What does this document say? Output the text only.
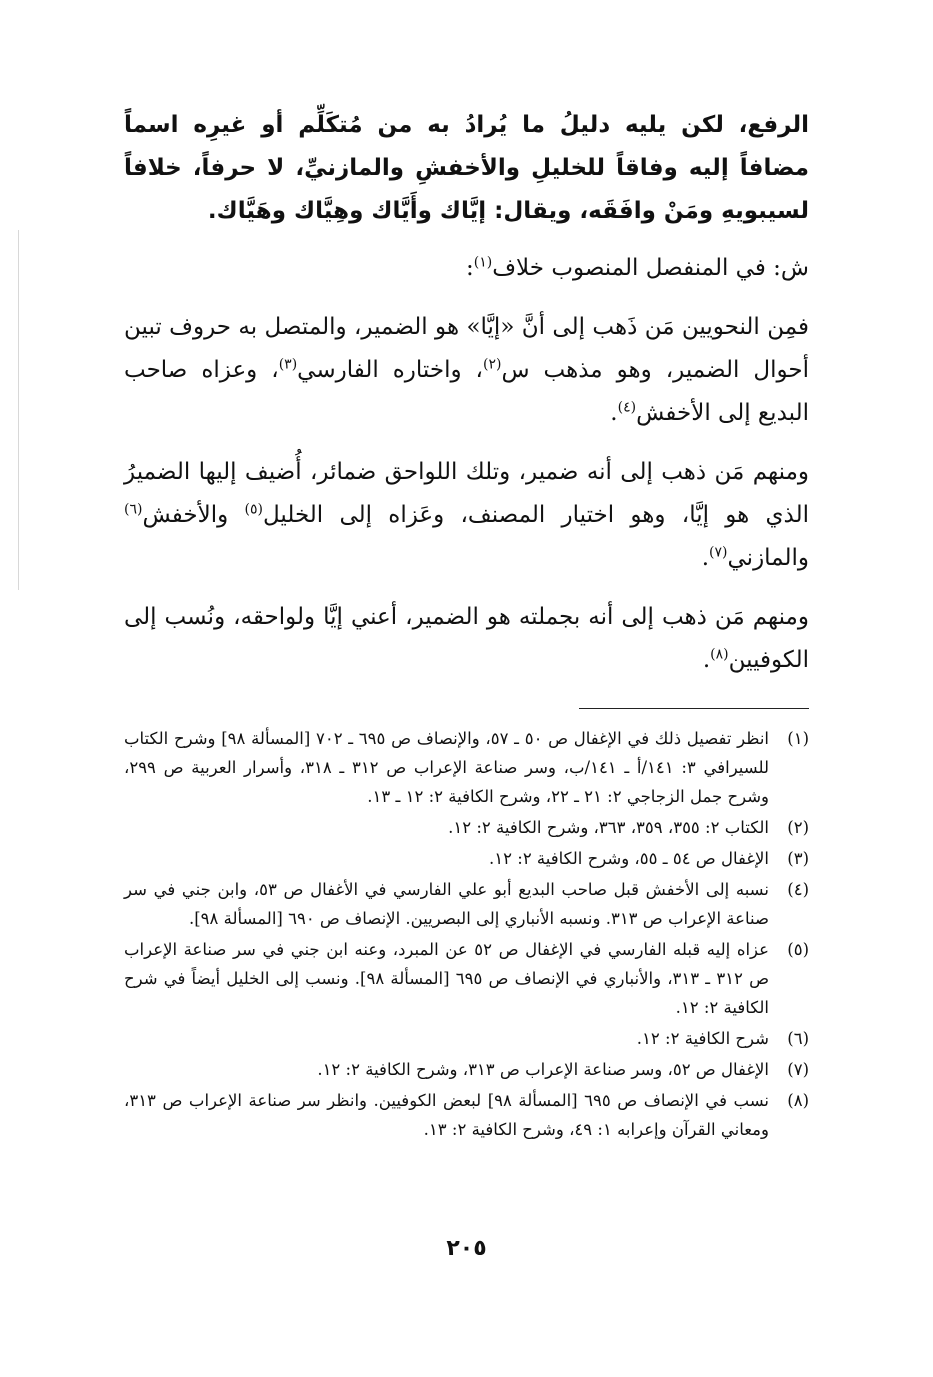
الرفع، لكن يليه دليلُ ما يُرادُ به من مُتكَلِّم أو غيرِه اسماً مضافاً إليه وفاقاً للخليلِ والأخفشِ والمازنيِّ، لا حرفاً، خلافاً لسيبويهِ ومَنْ وافَقَه، ويقال: إيَّاك وأَيَّاك وهِيَّاك وهَيَّاك.

ش: في المنفصل المنصوب خلاف$^{(١)}$:

فمِن النحويين مَن ذَهب إلى أنَّ «إيَّا» هو الضمير، والمتصل به حروف تبين أحوال الضمير، وهو مذهب س$^{(٢)}$، واختاره الفارسي$^{(٣)}$، وعزاه صاحب البديع إلى الأخفش$^{(٤)}$.

ومنهم مَن ذهب إلى أنه ضمير، وتلك اللواحق ضمائر، أُضيف إليها الضميرُ الذي هو إيَّا، وهو اختيار المصنف، وعَزاه إلى الخليل$^{(٥)}$ والأخفش$^{(٦)}$ والمازني$^{(٧)}$.

ومنهم مَن ذهب إلى أنه بجملته هو الضمير، أعني إيَّا ولواحقه، ونُسب إلى الكوفيين$^{(٨)}$.

(١)
انظر تفصيل ذلك في الإغفال ص ٥٠ ـ ٥٧، والإنصاف ص ٦٩٥ ـ ٧٠٢ [المسألة ٩٨] وشرح الكتاب للسيرافي ٣: ١٤١/أ ـ ١٤١/ب، وسر صناعة الإعراب ص ٣١٢ ـ ٣١٨، وأسرار العربية ص ٢٩٩، وشرح جمل الزجاجي ٢: ٢١ ـ ٢٢، وشرح الكافية ٢: ١٢ ـ ١٣.
(٢)
الكتاب ٢: ٣٥٥، ٣٥٩، ٣٦٣، وشرح الكافية ٢: ١٢.
(٣)
الإغفال ص ٥٤ ـ ٥٥، وشرح الكافية ٢: ١٢.
(٤)
نسبه إلى الأخفش قبل صاحب البديع أبو علي الفارسي في الأغفال ص ٥٣، وابن جني في سر صناعة الإعراب ص ٣١٣. ونسبه الأنباري إلى البصريين. الإنصاف ص ٦٩٠ [المسألة ٩٨].
(٥)
عزاه إليه قبله الفارسي في الإغفال ص ٥٢ عن المبرد، وعنه ابن جني في سر صناعة الإعراب ص ٣١٢ ـ ٣١٣، والأنباري في الإنصاف ص ٦٩٥ [المسألة ٩٨]. ونسب إلى الخليل أيضاً في شرح الكافية ٢: ١٢.
(٦)
شرح الكافية ٢: ١٢.
(٧)
الإغفال ص ٥٢، وسر صناعة الإعراب ص ٣١٣، وشرح الكافية ٢: ١٢.
(٨)
نسب في الإنصاف ص ٦٩٥ [المسألة ٩٨] لبعض الكوفيين. وانظر سر صناعة الإعراب ص ٣١٣، ومعاني القرآن وإعرابه ١: ٤٩، وشرح الكافية ٢: ١٣.
٢٠٥
